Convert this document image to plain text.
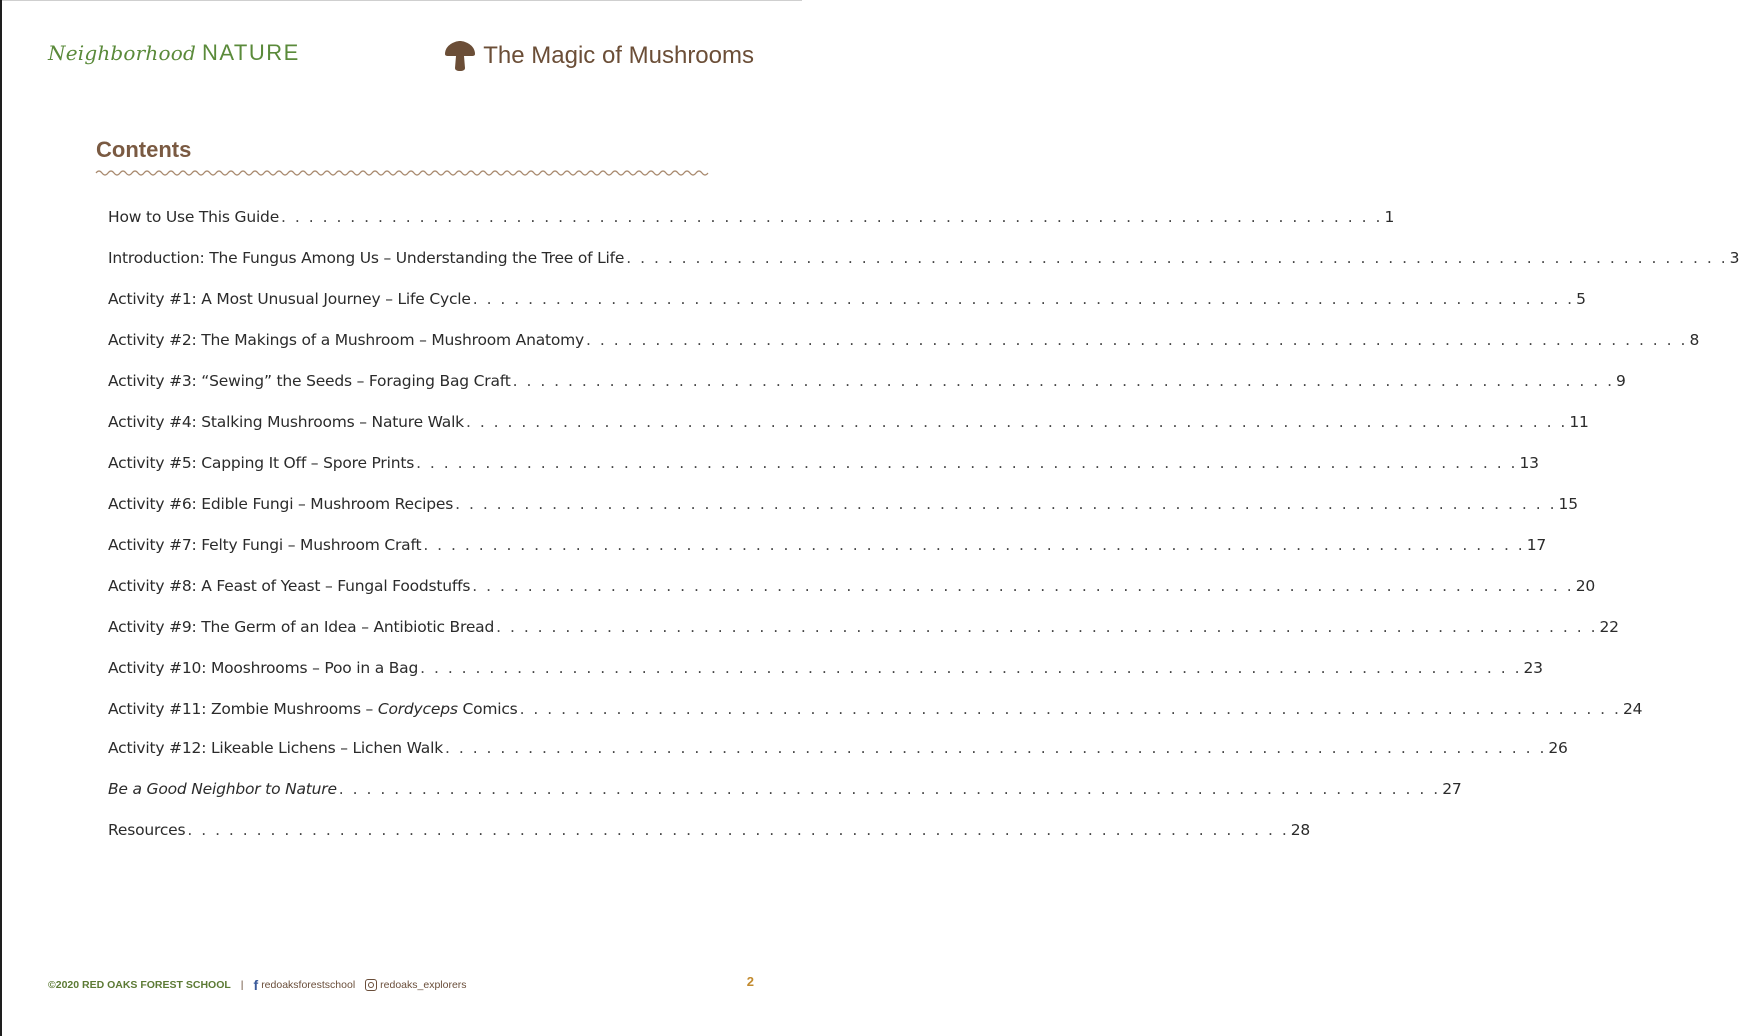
Neighborhood NATURE	The Magic of Mushrooms
Contents
How to Use This Guide . . . . . . . . . . . . . . . . . . . . . . . . . . . . . . . . . . . . . . . . . . . . . . . . . . . . . . . . . . . . . . . . . . . . . . . . . . . . . . . . 1
Introduction: The Fungus Among Us – Understanding the Tree of Life . . . . . . . . . . . . . . . . . . . . . . . . . . . . . . . . . . . . . . . . . . . . . . . . . . . . . . . . . . . . . . . . . . . . . . . . . . . . . . . . 3
Activity #1: A Most Unusual Journey – Life Cycle . . . . . . . . . . . . . . . . . . . . . . . . . . . . . . . . . . . . . . . . . . . . . . . . . . . . . . . . . . . . . . . . . . . . . . . . . . . . . . . . 5
Activity #2: The Makings of a Mushroom – Mushroom Anatomy . . . . . . . . . . . . . . . . . . . . . . . . . . . . . . . . . . . . . . . . . . . . . . . . . . . . . . . . . . . . . . . . . . . . . . . . . . . . . . . . 8
Activity #3: “Sewing” the Seeds – Foraging Bag Craft . . . . . . . . . . . . . . . . . . . . . . . . . . . . . . . . . . . . . . . . . . . . . . . . . . . . . . . . . . . . . . . . . . . . . . . . . . . . . . . . 9
Activity #4: Stalking Mushrooms – Nature Walk . . . . . . . . . . . . . . . . . . . . . . . . . . . . . . . . . . . . . . . . . . . . . . . . . . . . . . . . . . . . . . . . . . . . . . . . . . . . . . . . 11
Activity #5: Capping It Off – Spore Prints . . . . . . . . . . . . . . . . . . . . . . . . . . . . . . . . . . . . . . . . . . . . . . . . . . . . . . . . . . . . . . . . . . . . . . . . . . . . . . . . 13
Activity #6: Edible Fungi – Mushroom Recipes . . . . . . . . . . . . . . . . . . . . . . . . . . . . . . . . . . . . . . . . . . . . . . . . . . . . . . . . . . . . . . . . . . . . . . . . . . . . . . . . 15
Activity #7: Felty Fungi – Mushroom Craft . . . . . . . . . . . . . . . . . . . . . . . . . . . . . . . . . . . . . . . . . . . . . . . . . . . . . . . . . . . . . . . . . . . . . . . . . . . . . . . . 17
Activity #8: A Feast of Yeast – Fungal Foodstuffs . . . . . . . . . . . . . . . . . . . . . . . . . . . . . . . . . . . . . . . . . . . . . . . . . . . . . . . . . . . . . . . . . . . . . . . . . . . . . . . . 20
Activity #9: The Germ of an Idea – Antibiotic Bread . . . . . . . . . . . . . . . . . . . . . . . . . . . . . . . . . . . . . . . . . . . . . . . . . . . . . . . . . . . . . . . . . . . . . . . . . . . . . . . . 22
Activity #10: Mooshrooms – Poo in a Bag . . . . . . . . . . . . . . . . . . . . . . . . . . . . . . . . . . . . . . . . . . . . . . . . . . . . . . . . . . . . . . . . . . . . . . . . . . . . . . . . 23
Activity #11: Zombie Mushrooms – Cordyceps Comics . . . . . . . . . . . . . . . . . . . . . . . . . . . . . . . . . . . . . . . . . . . . . . . . . . . . . . . . . . . . . . . . . . . . . . . . . . . . . . . . 24
Activity #12: Likeable Lichens – Lichen Walk . . . . . . . . . . . . . . . . . . . . . . . . . . . . . . . . . . . . . . . . . . . . . . . . . . . . . . . . . . . . . . . . . . . . . . . . . . . . . . . . 26
Be a Good Neighbor to Nature . . . . . . . . . . . . . . . . . . . . . . . . . . . . . . . . . . . . . . . . . . . . . . . . . . . . . . . . . . . . . . . . . . . . . . . . . . . . . . . . 27
Resources . . . . . . . . . . . . . . . . . . . . . . . . . . . . . . . . . . . . . . . . . . . . . . . . . . . . . . . . . . . . . . . . . . . . . . . . . . . . . . . . 28
©2020 RED OAKS FOREST SCHOOL | f redoaksforestschool redoaks_explorers	2
